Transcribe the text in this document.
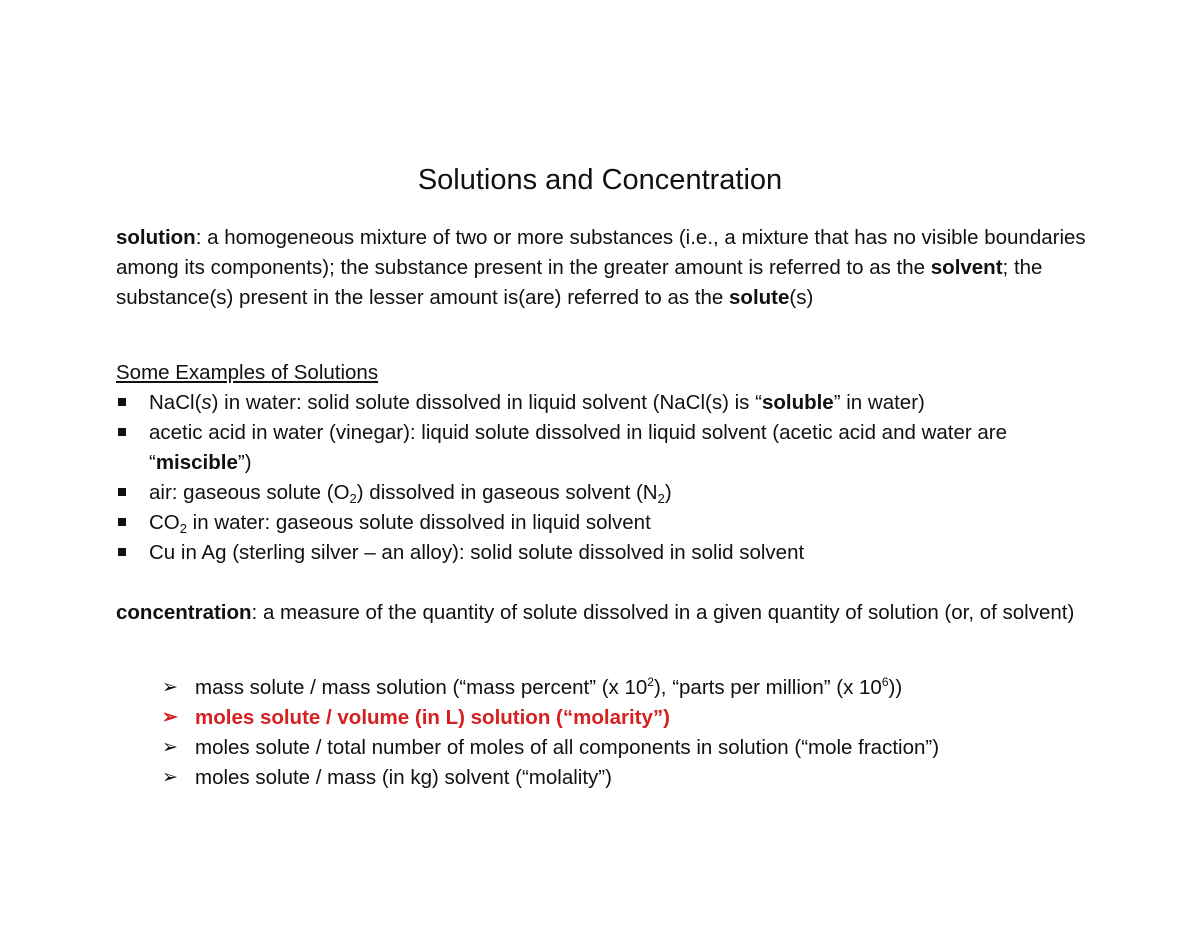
Solutions and Concentration
solution: a homogeneous mixture of two or more substances (i.e., a mixture that has no visible boundaries among its components); the substance present in the greater amount is referred to as the solvent; the substance(s) present in the lesser amount is(are) referred to as the solute(s)
Some Examples of Solutions
NaCl(s) in water: solid solute dissolved in liquid solvent (NaCl(s) is “soluble” in water)
acetic acid in water (vinegar): liquid solute dissolved in liquid solvent (acetic acid and water are “miscible”)
air: gaseous solute $(O_2)$ dissolved in gaseous solvent $(N_2)$
$CO_2$ in water: gaseous solute dissolved in liquid solvent
Cu in Ag (sterling silver – an alloy): solid solute dissolved in solid solvent
concentration: a measure of the quantity of solute dissolved in a given quantity of solution (or, of solvent)
➢ mass solute / mass solution (“mass percent” (x $10^2$), “parts per million” (x $10^6$))
➢ moles solute / volume (in L) solution (“molarity”)
➢ moles solute / total number of moles of all components in solution (“mole fraction”)
➢ moles solute / mass (in kg) solvent (“molality”)
